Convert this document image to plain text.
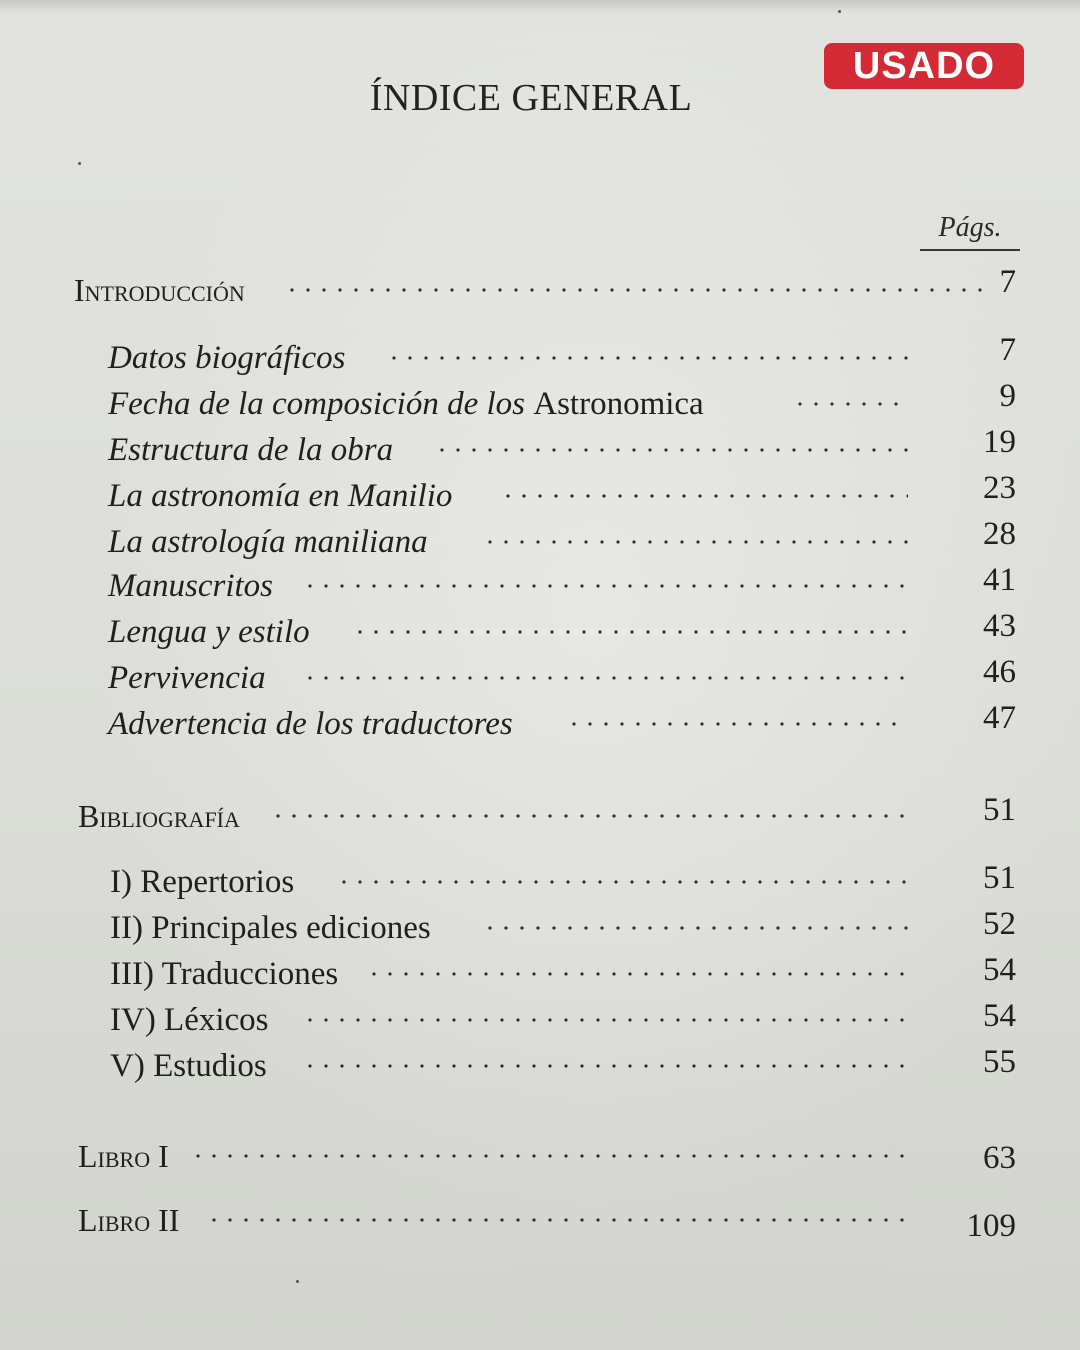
USADO
ÍNDICE GENERAL
Págs.
Introducción	7
Datos biográficos	7
Fecha de la composición de los Astronomica	9
Estructura de la obra	19
La astronomía en Manilio	23
La astrología maniliana	28
Manuscritos	41
Lengua y estilo	43
Pervivencia	46
Advertencia de los traductores	47
Bibliografía	51
I) Repertorios	51
II) Principales ediciones	52
III) Traducciones	54
IV) Léxicos	54
V) Estudios	55
Libro I	63
Libro II	109
